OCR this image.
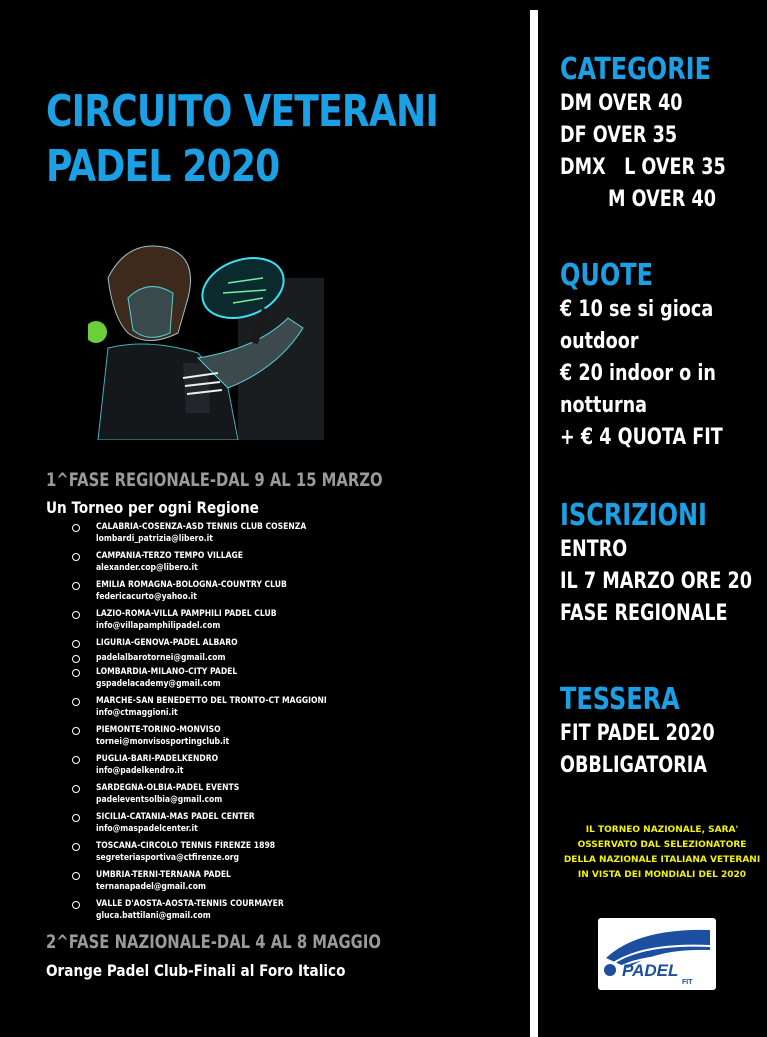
CIRCUITO VETERANI
PADEL 2020
1^FASE REGIONALE-DAL 9 AL 15 MARZO
Un Torneo per ogni Regione
CALABRIA-COSENZA-ASD TENNIS CLUB COSENZA
lombardi_patrizia@libero.it
CAMPANIA-TERZO TEMPO VILLAGE
alexander.cop@libero.it
EMILIA ROMAGNA-BOLOGNA-COUNTRY CLUB
federicacurto@yahoo.it
LAZIO-ROMA-VILLA PAMPHILI PADEL CLUB
info@villapamphilipadel.com
LIGURIA-GENOVA-PADEL ALBARO
padelalbarotornei@gmail.com
LOMBARDIA-MILANO-CITY PADEL
gspadelacademy@gmail.com
MARCHE-SAN BENEDETTO DEL TRONTO-CT MAGGIONI
info@ctmaggioni.it
PIEMONTE-TORINO-MONVISO
tornei@monvisosportingclub.it
PUGLIA-BARI-PADELKENDRO
info@padelkendro.it
SARDEGNA-OLBIA-PADEL EVENTS
padeleventsolbia@gmail.com
SICILIA-CATANIA-MAS PADEL CENTER
info@maspadelcenter.it
TOSCANA-CIRCOLO TENNIS FIRENZE 1898
segreteriasportiva@ctfirenze.org
UMBRIA-TERNI-TERNANA PADEL
ternanapadel@gmail.com
VALLE D'AOSTA-AOSTA-TENNIS COURMAYER
gluca.battilani@gmail.com
2^FASE NAZIONALE-DAL 4 AL 8 MAGGIO
Orange Padel Club-Finali al Foro Italico
CATEGORIE
DM OVER 40
DF OVER 35
DMX   L OVER 35
M OVER 40
QUOTE
€ 10 se si gioca
outdoor
€ 20 indoor o in
notturna
+ € 4 QUOTA FIT
ISCRIZIONI
ENTRO
IL 7 MARZO ORE 20
FASE REGIONALE
TESSERA
FIT PADEL 2020
OBBLIGATORIA
IL TORNEO NAZIONALE, SARA' OSSERVATO DAL SELEZIONATORE DELLA NAZIONALE ITALIANA VETERANI IN VISTA DEI MONDIALI DEL 2020
PADEL
FIT
